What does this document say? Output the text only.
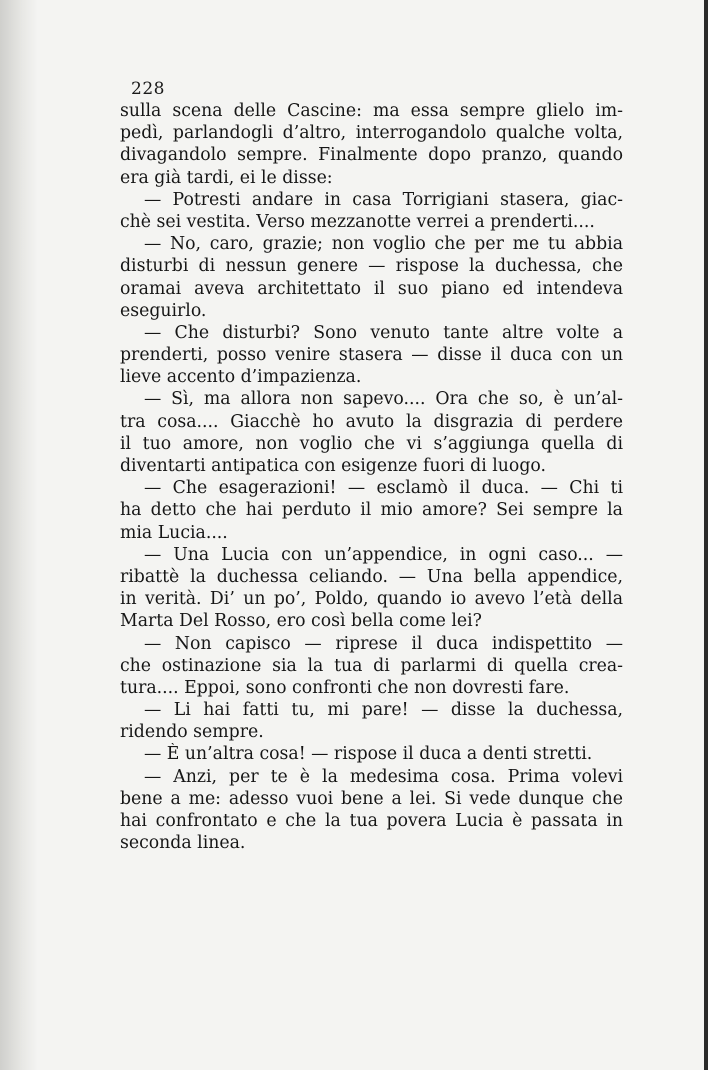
228
sulla scena delle Cascine: ma essa sempre glielo im-
pedì, parlandogli d’altro, interrogandolo qualche volta,
divagandolo sempre. Finalmente dopo pranzo, quando
era già tardi, ei le disse:
— Potresti andare in casa Torrigiani stasera, giac-
chè sei vestita. Verso mezzanotte verrei a prenderti....
— No, caro, grazie; non voglio che per me tu abbia
disturbi di nessun genere — rispose la duchessa, che
oramai aveva architettato il suo piano ed intendeva
eseguirlo.
— Che disturbi? Sono venuto tante altre volte a
prenderti, posso venire stasera — disse il duca con un
lieve accento d’impazienza.
— Sì, ma allora non sapevo.... Ora che so, è un’al-
tra cosa.... Giacchè ho avuto la disgrazia di perdere
il tuo amore, non voglio che vi s’aggiunga quella di
diventarti antipatica con esigenze fuori di luogo.
— Che esagerazioni! — esclamò il duca. — Chi ti
ha detto che hai perduto il mio amore? Sei sempre la
mia Lucia....
— Una Lucia con un’appendice, in ogni caso... —
ribattè la duchessa celiando. — Una bella appendice,
in verità. Di’ un po’, Poldo, quando io avevo l’età della
Marta Del Rosso, ero così bella come lei?
— Non capisco — riprese il duca indispettito —
che ostinazione sia la tua di parlarmi di quella crea-
tura.... Eppoi, sono confronti che non dovresti fare.
— Li hai fatti tu, mi pare! — disse la duchessa,
ridendo sempre.
— È un’altra cosa! — rispose il duca a denti stretti.
— Anzi, per te è la medesima cosa. Prima volevi
bene a me: adesso vuoi bene a lei. Si vede dunque che
hai confrontato e che la tua povera Lucia è passata in
seconda linea.
